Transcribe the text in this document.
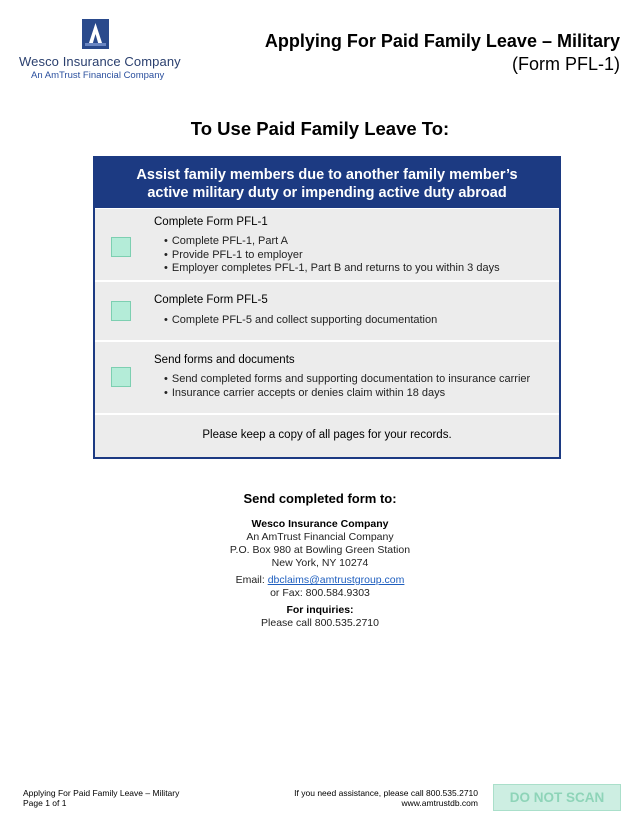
Wesco Insurance Company
An AmTrust Financial Company
Applying For Paid Family Leave – Military
(Form PFL-1)
To Use Paid Family Leave To:
Assist family members due to another family member’s
active military duty or impending active duty abroad
Complete Form PFL-1
• Complete PFL-1, Part A
• Provide PFL-1 to employer
• Employer completes PFL-1, Part B and returns to you within 3 days
Complete Form PFL-5
• Complete PFL-5 and collect supporting documentation
Send forms and documents
• Send completed forms and supporting documentation to insurance carrier
• Insurance carrier accepts or denies claim within 18 days
Please keep a copy of all pages for your records.
Send completed form to:
Wesco Insurance Company
An AmTrust Financial Company
P.O. Box 980 at Bowling Green Station
New York, NY 10274
Email: dbclaims@amtrustgroup.com
or Fax: 800.584.9303
For inquiries:
Please call 800.535.2710
Applying For Paid Family Leave – Military
Page 1 of 1
If you need assistance, please call 800.535.2710
www.amtrustdb.com	DO NOT SCAN
